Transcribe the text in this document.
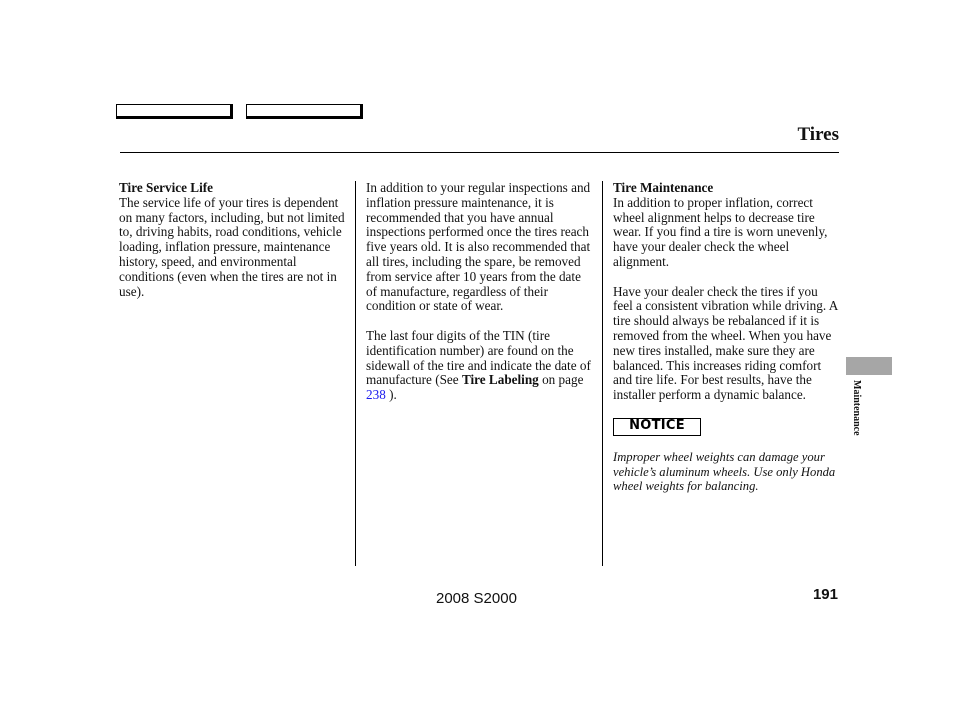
Tires
Tire Service Life

The service life of your tires is dependent on many factors, including, but not limited to, driving habits, road conditions, vehicle loading, inflation pressure, maintenance history, speed, and environmental conditions (even when the tires are not in use).

In addition to your regular inspections and inflation pressure maintenance, it is recommended that you have annual inspections performed once the tires reach five years old. It is also recommended that all tires, including the spare, be removed from service after 10 years from the date of manufacture, regardless of their condition or state of wear.

The last four digits of the TIN (tire identification number) are found on the sidewall of the tire and indicate the date of manufacture (See Tire Labeling on page 238 ).

Tire Maintenance

In addition to proper inflation, correct wheel alignment helps to decrease tire wear. If you find a tire is worn unevenly, have your dealer check the wheel alignment.

Have your dealer check the tires if you feel a consistent vibration while driving. A tire should always be rebalanced if it is removed from the wheel. When you have new tires installed, make sure they are balanced. This increases riding comfort and tire life. For best results, have the installer perform a dynamic balance.

NOTICE
Improper wheel weights can damage your vehicle’s aluminum wheels. Use only Honda wheel weights for balancing.
Maintenance
2008 S2000	191
